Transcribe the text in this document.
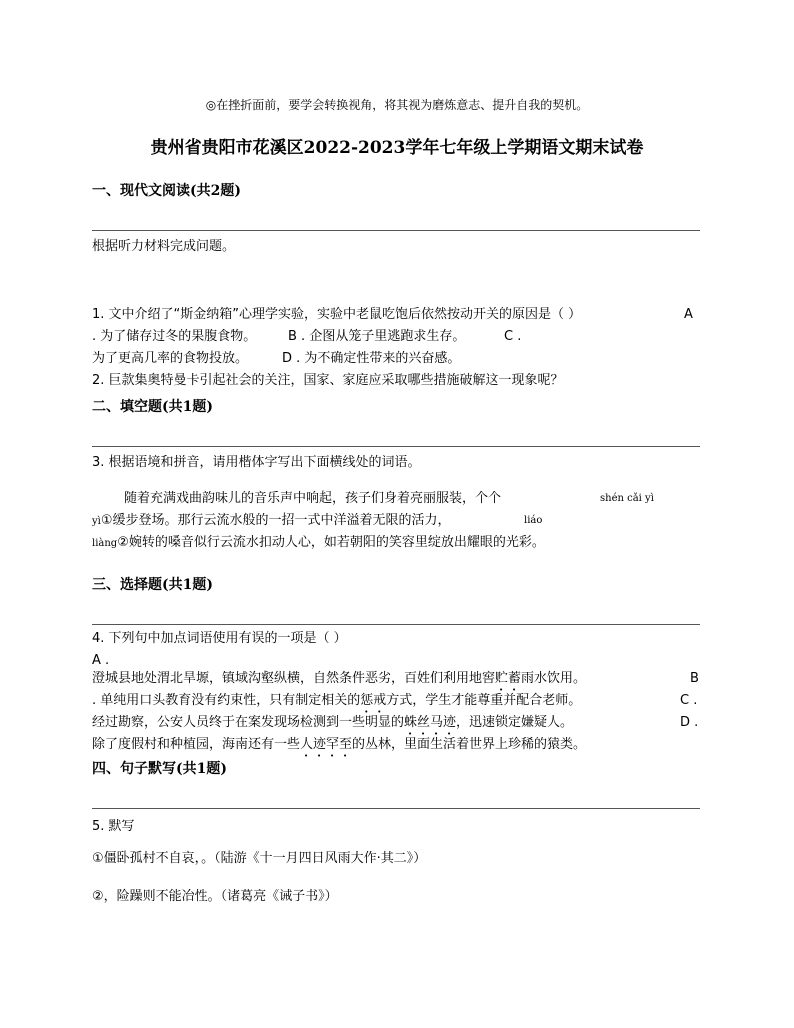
◎在挫折面前，要学会转换视角，将其视为磨炼意志、提升自我的契机。
贵州省贵阳市花溪区2022-2023学年七年级上学期语文期末试卷
一、现代文阅读(共2题)
根据听力材料完成问题。
1. 文中介绍了“斯金纳箱”心理学实验，实验中老鼠吃饱后依然按动开关的原因是（ ）	A
. 为了储存过冬的果腹食物。 B . 企图从笼子里逃跑求生存。	C .
为了更高几率的食物投放。	D . 为不确定性带来的兴奋感。
2. 巨款集奥特曼卡引起社会的关注，国家、家庭应采取哪些措施破解这一现象呢？
二、填空题(共1题)
3. 根据语境和拼音，请用楷体字写出下面横线处的词语。
随着充满戏曲韵味儿的音乐声中响起，孩子们身着亮丽服装，个个	shén cǎi yì
yì①缓步登场。那行云流水般的一招一式中洋溢着无限的活力，	liáo
liàng②婉转的嗓音似行云流水扣动人心，如若朝阳的笑容里绽放出耀眼的光彩。
三、选择题(共1题)
4. 下列句中加点词语使用有误的一项是（ ）
A .
澄城县地处渭北旱塬，镇域沟壑纵横，自然条件恶劣，百姓们利用地窖贮蓄雨水饮用。	B
. 单纯用口头教育没有约束性，只有制定相关的惩戒方式，学生才能尊重并配合老师。	C .
经过勘察，公安人员终于在案发现场检测到一些明显的蛛丝马迹，迅速锁定嫌疑人。	D .
除了度假村和种植园，海南还有一些人迹罕至的丛林，里面生活着世界上珍稀的猿类。
四、句子默写(共1题)
5. 默写
①僵卧孤村不自哀，。（陆游《十一月四日风雨大作·其二》）
②，险躁则不能冶性。（诸葛亮《诫子书》）
